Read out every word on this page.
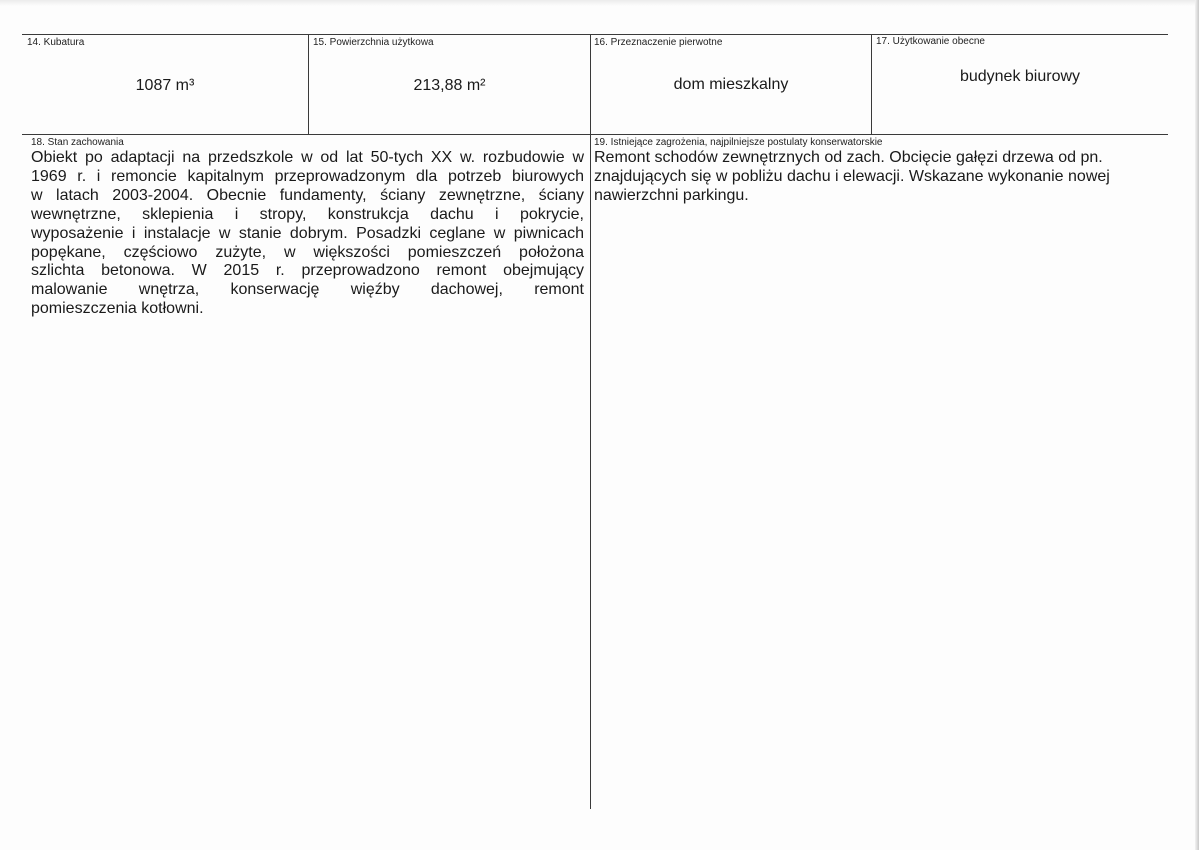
14. Kubatura
1087 m³
15. Powierzchnia użytkowa
213,88 m²
16. Przeznaczenie pierwotne
dom mieszkalny
17. Użytkowanie obecne
budynek biurowy
18. Stan zachowania
Obiekt po adaptacji na przedszkole w od lat 50-tych XX w. rozbudowie w
1969 r. i remoncie kapitalnym przeprowadzonym dla potrzeb biurowych
w latach 2003-2004. Obecnie fundamenty, ściany zewnętrzne, ściany
wewnętrzne, sklepienia i stropy, konstrukcja dachu i pokrycie,
wyposażenie i instalacje w stanie dobrym. Posadzki ceglane w piwnicach
popękane, częściowo zużyte, w większości pomieszczeń położona
szlichta betonowa. W 2015 r. przeprowadzono remont obejmujący
malowanie wnętrza, konserwację więźby dachowej, remont
pomieszczenia kotłowni.
19. Istniejące zagrożenia, najpilniejsze postulaty konserwatorskie
Remont schodów zewnętrznych od zach. Obcięcie gałęzi drzewa od pn.
znajdujących się w pobliżu dachu i elewacji. Wskazane wykonanie nowej
nawierzchni parkingu.
